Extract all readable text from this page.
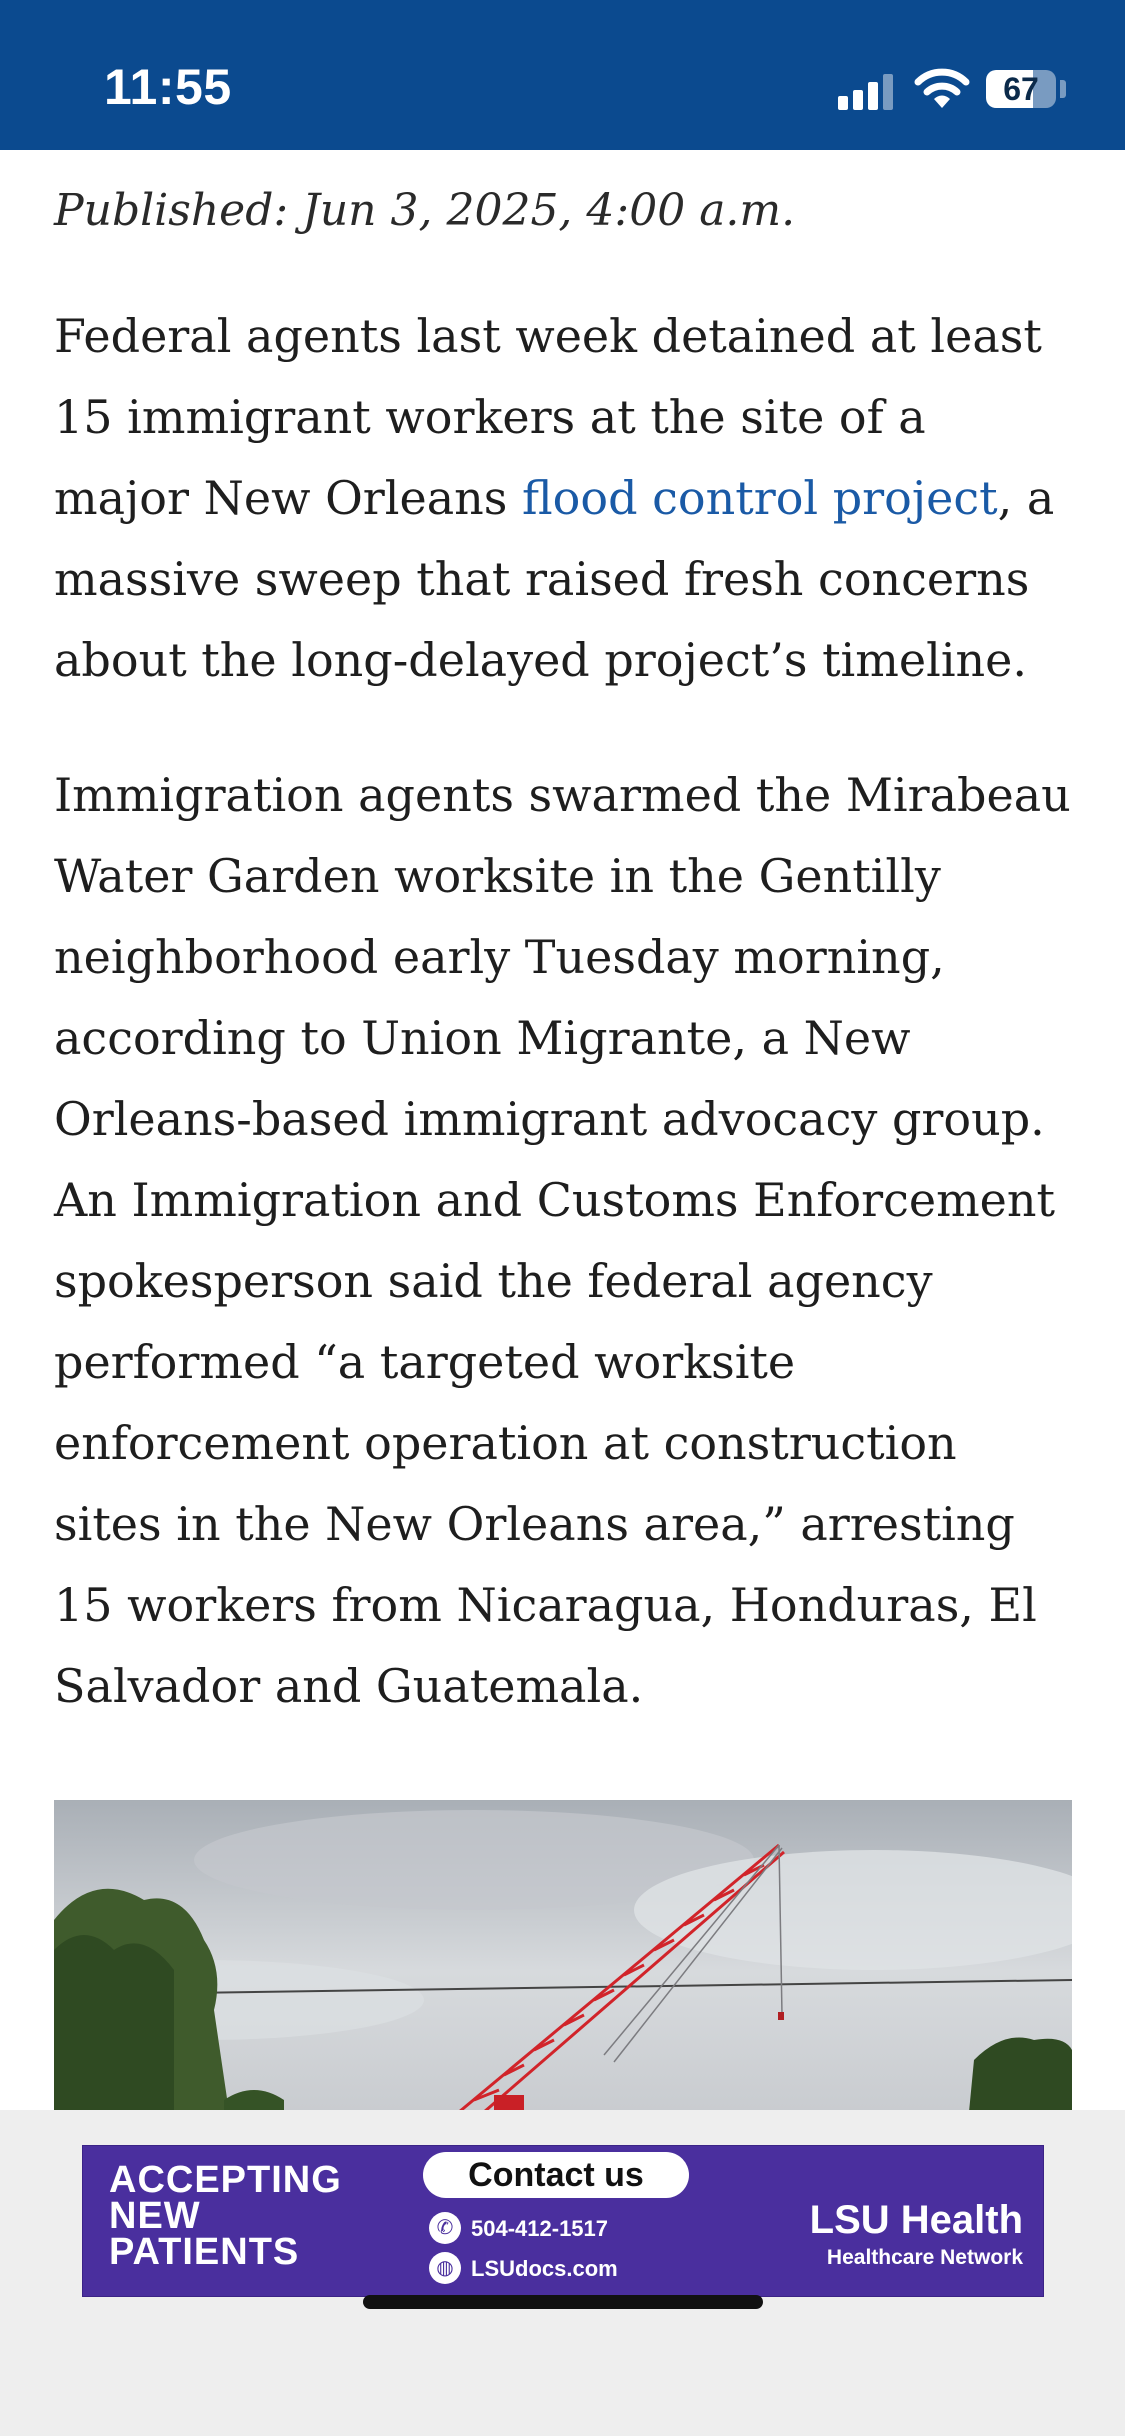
11:55	67

Published: Jun 3, 2025, 4:00 a.m.

Federal agents last week detained at least 15 immigrant workers at the site of a major New Orleans flood control project, a massive sweep that raised fresh concerns about the long-delayed project’s timeline.

Immigration agents swarmed the Mirabeau Water Garden worksite in the Gentilly neighborhood early Tuesday morning, according to Union Migrante, a New Orleans-based immigrant advocacy group. An Immigration and Customs Enforcement spokesperson said the federal agency performed “a targeted worksite enforcement operation at construction sites in the New Orleans area,” arresting 15 workers from Nicaragua, Honduras, El Salvador and Guatemala.

ACCEPTING NEW PATIENTS
Contact us
✆ 504-412-1517
◍ LSUdocs.com
LSU Health
Healthcare Network
